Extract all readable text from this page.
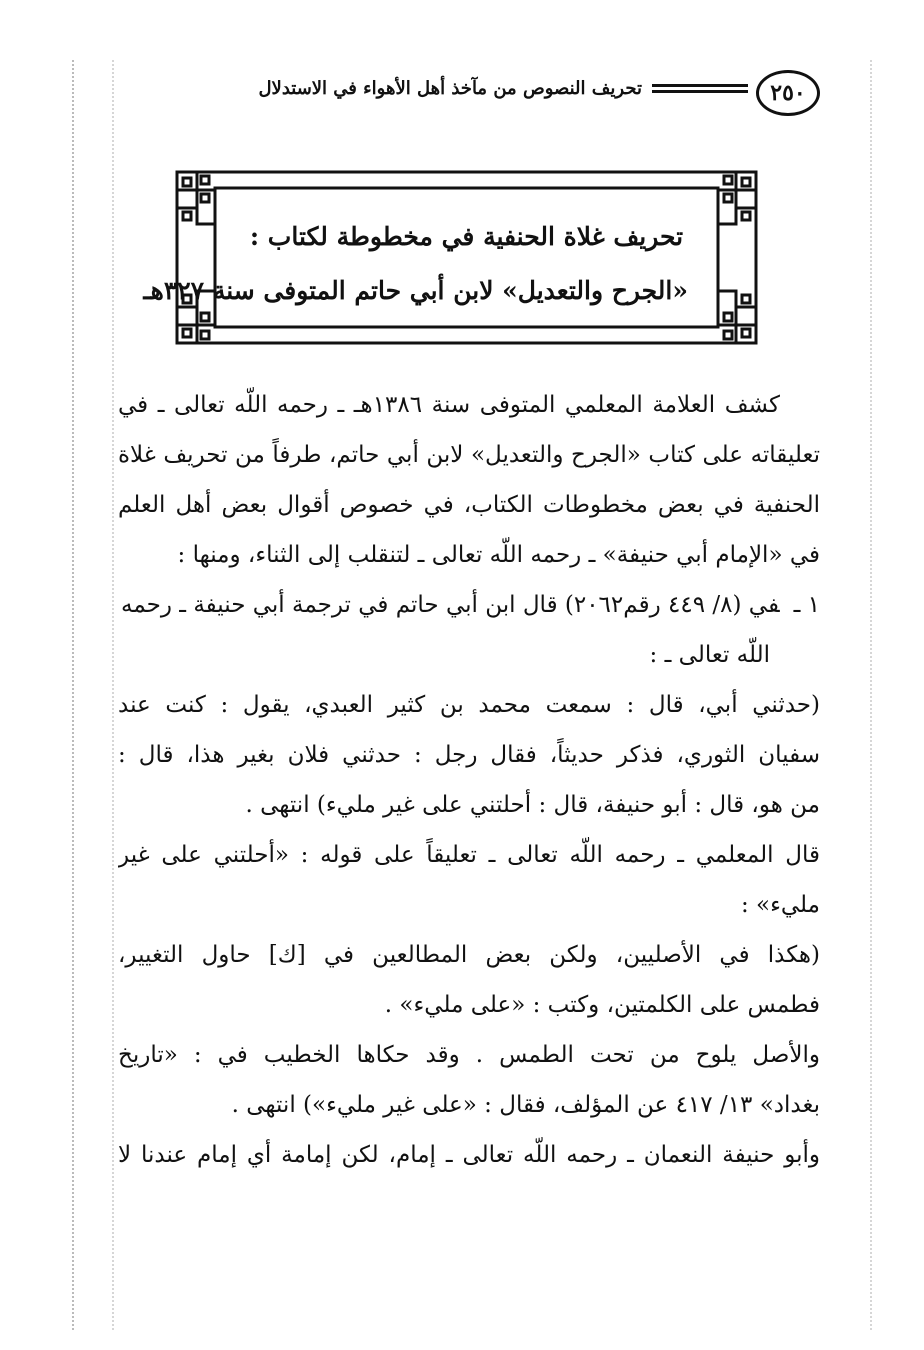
٢٥٠
تحريف النصوص من مآخذ أهل الأهواء في الاستدلال
تحريف غلاة الحنفية في مخطوطة لكتاب :
«الجرح والتعديل» لابن أبي حاتم المتوفى سنة ٣٢٧هـ
كشف العلامة المعلمي المتوفى سنة ١٣٨٦هـ ـ رحمه اللّه تعالى ـ في
تعليقاته على كتاب «الجرح والتعديل» لابن أبي حاتم، طرفاً من تحريف غلاة
الحنفية في بعض مخطوطات الكتاب، في خصوص أقوال بعض أهل العلم
في «الإمام أبي حنيفة» ـ رحمه اللّه تعالى ـ لتنقلب إلى الثناء، ومنها :
١ ـفي (٨/ ٤٤٩ رقم٢٠٦٢) قال ابن أبي حاتم في ترجمة أبي حنيفة ـ رحمه
اللّه تعالى ـ :
(حدثني أبي، قال : سمعت محمد بن كثير العبدي، يقول : كنت عند
سفيان الثوري، فذكر حديثاً، فقال رجل : حدثني فلان بغير هذا، قال :
من هو، قال : أبو حنيفة، قال : أحلتني على غير مليء) انتهى .
قال المعلمي ـ رحمه اللّه تعالى ـ تعليقاً على قوله : «أحلتني على غير
مليء» :
(هكذا في الأصليين، ولكن بعض المطالعين في [ك] حاول التغيير،
فطمس على الكلمتين، وكتب : «على مليء» .
والأصل يلوح من تحت الطمس . وقد حكاها الخطيب في : «تاريخ
بغداد» ١٣/ ٤١٧ عن المؤلف، فقال : «على غير مليء») انتهى .
وأبو حنيفة النعمان ـ رحمه اللّه تعالى ـ إمام، لكن إمامة أي إمام عندنا لا
